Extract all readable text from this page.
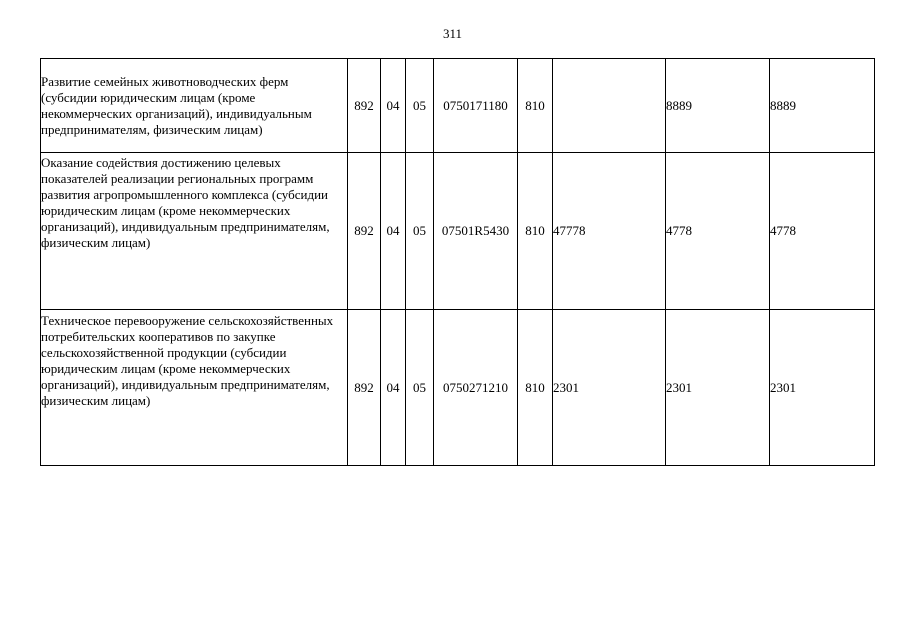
311
Развитие семейных животноводческих ферм (субсидии юридическим лицам (кроме некоммерческих организаций), индивидуальным предпринимателям, физическим лицам)	892	04	05	0750171180	810		8889	8889
Оказание содействия достижению целевых показателей реализации региональных программ развития агропромышленного комплекса (субсидии юридическим лицам (кроме некоммерческих организаций), индивидуальным предпринимателям, физическим лицам)	892	04	05	07501R5430	810	47778	4778	4778
Техническое перевооружение сельскохозяйственных потребительских кооперативов по закупке сельскохозяйственной продукции (субсидии юридическим лицам (кроме некоммерческих организаций), индивидуальным предпринимателям, физическим лицам)	892	04	05	0750271210	810	2301	2301	2301
